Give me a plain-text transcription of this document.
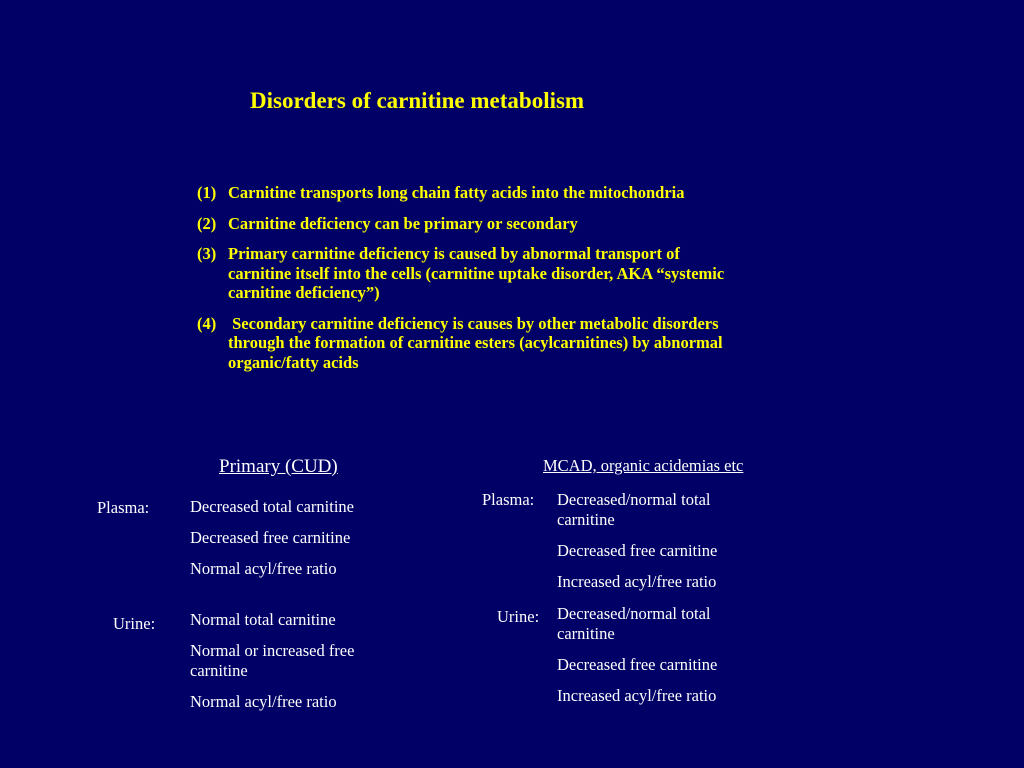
Disorders of carnitine metabolism
(1) Carnitine transports long chain fatty acids into the mitochondria
(2) Carnitine deficiency can be primary or secondary
(3) Primary carnitine deficiency is caused by abnormal transport of carnitine itself into the cells (carnitine uptake disorder, AKA “systemic carnitine deficiency”)
(4) Secondary carnitine deficiency is causes by other metabolic disorders through the formation of carnitine esters (acylcarnitines) by abnormal organic/fatty acids
Primary (CUD)
Plasma: Decreased total carnitine
Decreased free carnitine
Normal acyl/free ratio
Urine: Normal total carnitine
Normal or increased free carnitine
Normal acyl/free ratio
MCAD, organic acidemias etc
Plasma: Decreased/normal total carnitine
Decreased free carnitine
Increased acyl/free ratio
Urine: Decreased/normal total carnitine
Decreased free carnitine
Increased acyl/free ratio
